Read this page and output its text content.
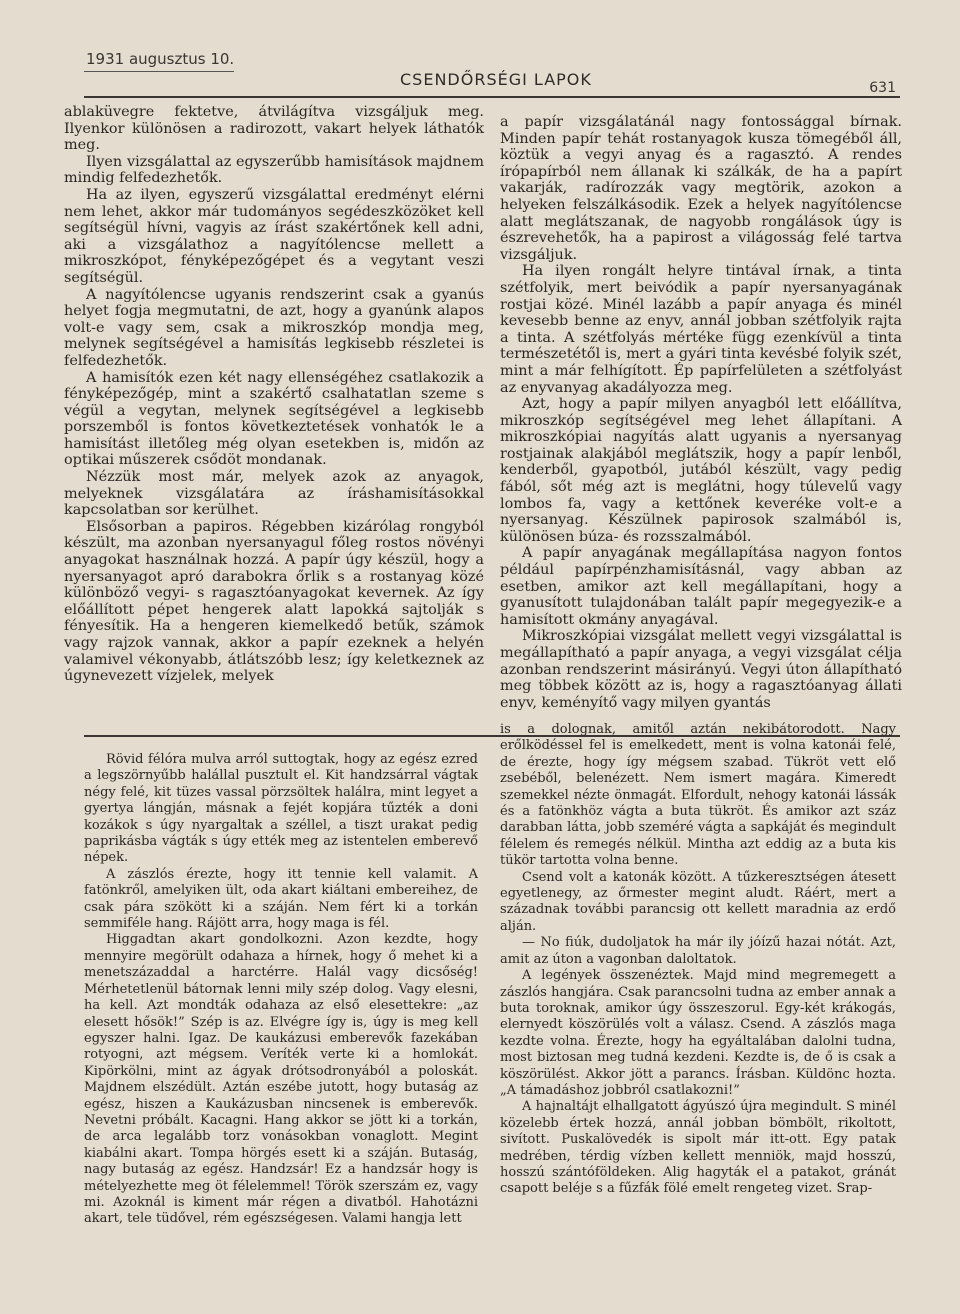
1931 augusztus 10.
CSENDŐRSÉGI LAPOK	631

ablaküvegre fektetve, átvilágítva vizsgáljuk meg. Ilyenkor különösen a radirozott, vakart helyek láthatók meg.

Ilyen vizsgálattal az egyszerűbb hamisítások majdnem mindig felfedezhetők.

Ha az ilyen, egyszerű vizsgálattal eredményt elérni nem lehet, akkor már tudományos segédeszközöket kell segítségül hívni, vagyis az írást szakértőnek kell adni, aki a vizsgálathoz a nagyítólencse mellett a mikroszkópot, fényképezőgépet és a vegytant veszi segítségül.

A nagyítólencse ugyanis rendszerint csak a gyanús helyet fogja megmutatni, de azt, hogy a gyanúnk alapos volt-e vagy sem, csak a mikroszkóp mondja meg, melynek segítségével a hamisítás legkisebb részletei is felfedezhetők.

A hamisítók ezen két nagy ellenségéhez csatlakozik a fényképezőgép, mint a szakértő csalhatatlan szeme s végül a vegytan, melynek segítségével a legkisebb porszemből is fontos következtetések vonhatók le a hamisítást illetőleg még olyan esetekben is, midőn az optikai műszerek csődöt mondanak.

Nézzük most már, melyek azok az anyagok, melyeknek vizsgálatára az íráshamisításokkal kapcsolatban sor kerülhet.

Elsősorban a papiros. Régebben kizárólag rongyból készült, ma azonban nyersanyagul főleg rostos növényi anyagokat használnak hozzá. A papír úgy készül, hogy a nyersanyagot apró darabokra őrlik s a rostanyag közé különböző vegyi- s ragasztóanyagokat kevernek. Az így előállított pépet hengerek alatt lapokká sajtolják s fényesítik. Ha a hengeren kiemelkedő betűk, számok vagy rajzok vannak, akkor a papír ezeknek a helyén valamivel vékonyabb, átlátszóbb lesz; így keletkeznek az úgynevezett vízjelek, melyek

a papír vizsgálatánál nagy fontossággal bírnak. Minden papír tehát rostanyagok kusza tömegéből áll, köztük a vegyi anyag és a ragasztó. A rendes írópapírból nem állanak ki szálkák, de ha a papírt vakarják, radírozzák vagy megtörik, azokon a helyeken felszálkásodik. Ezek a helyek nagyítólencse alatt meglátszanak, de nagyobb rongálások úgy is észrevehetők, ha a papirost a világosság felé tartva vizsgáljuk.

Ha ilyen rongált helyre tintával írnak, a tinta szétfolyik, mert beivódik a papír nyersanyagának rostjai közé. Minél lazább a papír anyaga és minél kevesebb benne az enyv, annál jobban szétfolyik rajta a tinta. A szétfolyás mértéke függ ezenkívül a tinta természetétől is, mert a gyári tinta kevésbé folyik szét, mint a már felhígított. Ép papírfelületen a szétfolyást az enyvanyag akadályozza meg.

Azt, hogy a papír milyen anyagból lett előállítva, mikroszkóp segítségével meg lehet állapítani. A mikroszkópiai nagyítás alatt ugyanis a nyersanyag rostjainak alakjából meglátszik, hogy a papír lenből, kenderből, gyapotból, jutából készült, vagy pedig fából, sőt még azt is meglátni, hogy túlevelű vagy lombos fa, vagy a kettőnek keveréke volt-e a nyersanyag. Készülnek papirosok szalmából is, különösen búza- és rozsszalmából.

A papír anyagának megállapítása nagyon fontos például papírpénzhamisításnál, vagy abban az esetben, amikor azt kell megállapítani, hogy a gyanusított tulajdonában talált papír megegyezik-e a hamisított okmány anyagával.

Mikroszkópiai vizsgálat mellett vegyi vizsgálattal is megállapítható a papír anyaga, a vegyi vizsgálat célja azonban rendszerint másirányú. Vegyi úton állapítható meg többek között az is, hogy a ragasztóanyag állati enyv, keményítő vagy milyen gyantás

Rövid félóra mulva arról suttogtak, hogy az egész ezred a legszörnyűbb halállal pusztult el. Kit handzsárral vágtak négy felé, kit tüzes vassal pörzsöltek halálra, mint legyet a gyertya lángján, másnak a fejét kopjára tűzték a doni kozákok s úgy nyargaltak a széllel, a tiszt urakat pedig paprikásba vágták s úgy ették meg az istentelen emberevő népek.

A zászlós érezte, hogy itt tennie kell valamit. A fatönkről, amelyiken ült, oda akart kiáltani embereihez, de csak pára szökött ki a száján. Nem fért ki a torkán semmiféle hang. Rájött arra, hogy maga is fél.

Higgadtan akart gondolkozni. Azon kezdte, hogy mennyire megörült odahaza a hírnek, hogy ő mehet ki a menetszázaddal a harctérre. Halál vagy dicsőség! Mérhetetlenül bátornak lenni mily szép dolog. Vagy elesni, ha kell. Azt mondták odahaza az első elesettekre: „az elesett hősök!” Szép is az. Elvégre így is, úgy is meg kell egyszer halni. Igaz. De kaukázusi emberevők fazekában rotyogni, azt mégsem. Veríték verte ki a homlokát. Kipörkölni, mint az ágyak drótsodronyából a poloskát. Majdnem elszédült. Aztán eszébe jutott, hogy butaság az egész, hiszen a Kaukázusban nincsenek is emberevők. Nevetni próbált. Kacagni. Hang akkor se jött ki a torkán, de arca legalább torz vonásokban vonaglott. Megint kiabálni akart. Tompa hörgés esett ki a száján. Butaság, nagy butaság az egész. Handzsár! Ez a handzsár hogy is mételyezhette meg öt félelemmel! Török szerszám ez, vagy mi. Azoknál is kiment már régen a divatból. Hahotázni akart, tele tüdővel, rém egészségesen. Valami hangja lett

is a dolognak, amitől aztán nekibátorodott. Nagy erőlködéssel fel is emelkedett, ment is volna katonái felé, de érezte, hogy így mégsem szabad. Tükröt vett elő zsebéből, belenézett. Nem ismert magára. Kimeredt szemekkel nézte önmagát. Elfordult, nehogy katonái lássák és a fatönkhöz vágta a buta tükröt. És amikor azt száz darabban látta, jobb szeméré vágta a sapkáját és megindult félelem és remegés nélkül. Mintha azt eddig az a buta kis tükör tartotta volna benne.

Csend volt a katonák között. A tűzkeresztségen átesett egyetlenegy, az őrmester megint aludt. Ráért, mert a századnak további parancsig ott kellett maradnia az erdő alján.

— No fiúk, dudoljatok ha már ily jóízű hazai nótát. Azt, amit az úton a vagonban daloltatok.

A legények összenéztek. Majd mind megremegett a zászlós hangjára. Csak parancsolni tudna az ember annak a buta toroknak, amikor úgy összeszorul. Egy-két krákogás, elernyedt köszörülés volt a válasz. Csend. A zászlós maga kezdte volna. Érezte, hogy ha egyáltalában dalolni tudna, most biztosan meg tudná kezdeni. Kezdte is, de ő is csak a köszörülést. Akkor jött a parancs. Írásban. Küldönc hozta. „A támadáshoz jobbról csatlakozni!”

A hajnaltájt elhallgatott ágyúszó újra megindult. S minél közelebb értek hozzá, annál jobban bömbölt, rikoltott, sivított. Puskalövedék is sipolt már itt-ott. Egy patak medrében, térdig vízben kellett menniök, majd hosszú, hosszú szántóföldeken. Alig hagyták el a patakot, gránát csapott beléje s a fűzfák fölé emelt rengeteg vizet. Srap-
